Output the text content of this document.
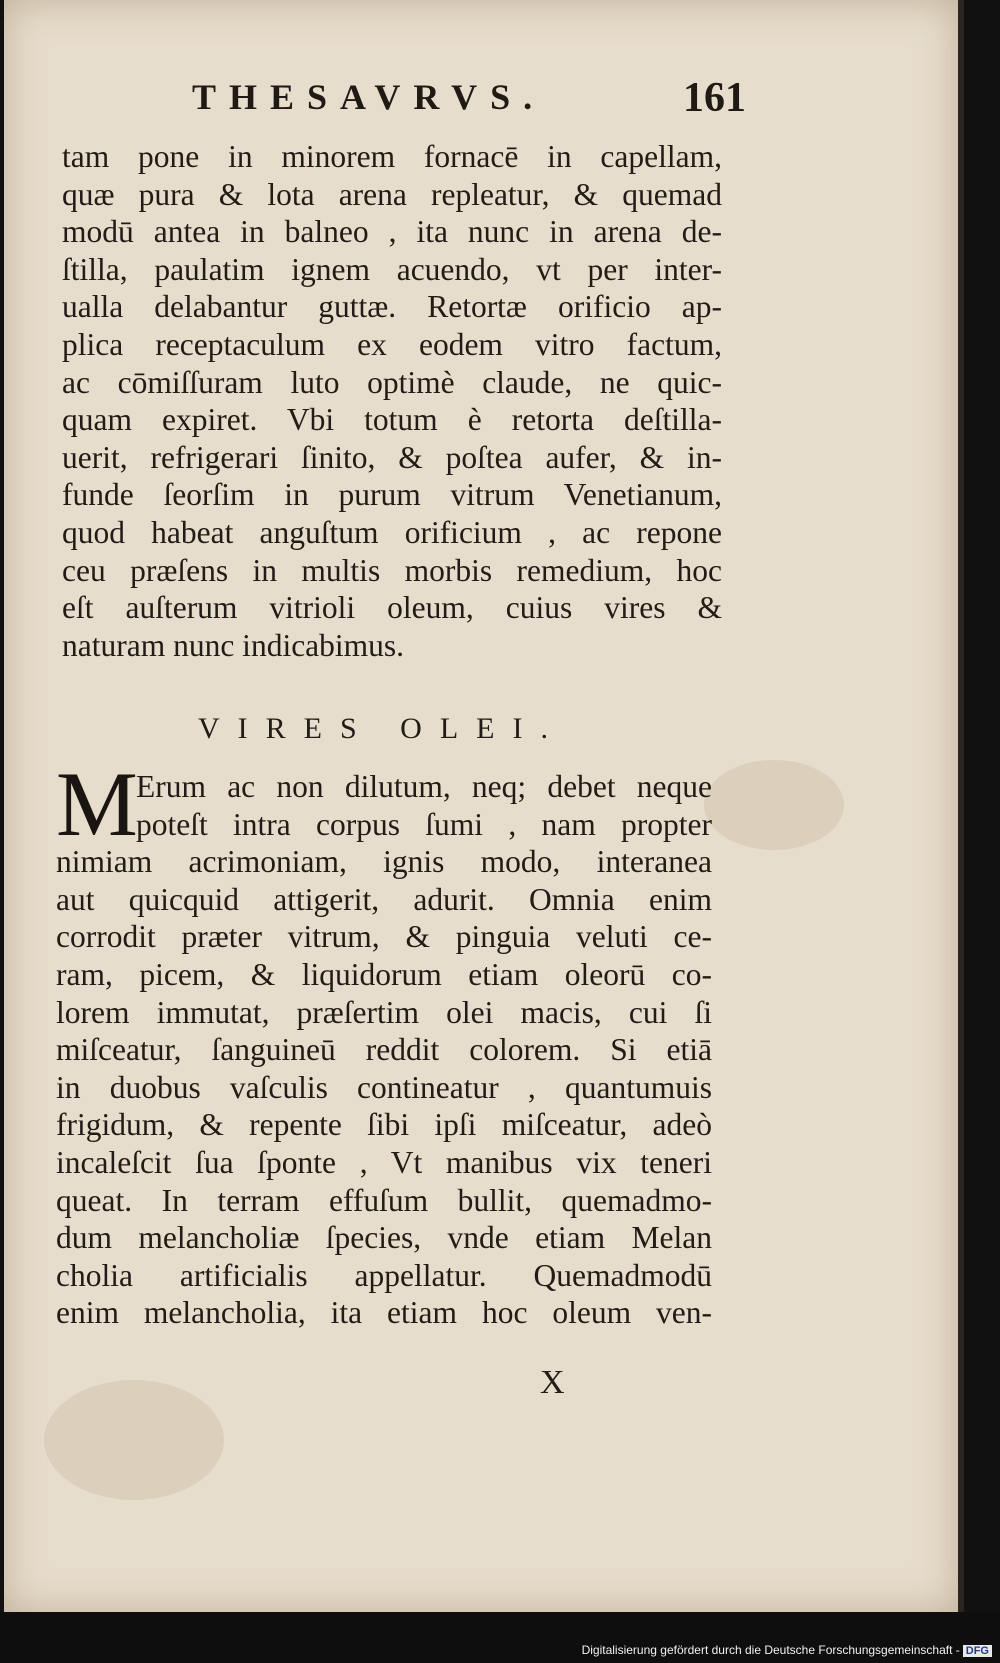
THESAVRVS.	161
tam pone in minorem fornacē in capellam,
quæ pura & lota arena repleatur, & quemad
modū antea in balneo , ita nunc in arena de-
ſtilla, paulatim ignem acuendo, vt per inter-
ualla delabantur guttæ. Retortæ orificio ap-
plica receptaculum ex eodem vitro factum,
ac cōmiſſuram luto optimè claude, ne quic-
quam expiret. Vbi totum è retorta deſtilla-
uerit, refrigerari ſinito, & poſtea aufer, & in-
funde ſeorſim in purum vitrum Venetianum,
quod habeat anguſtum orificium , ac repone
ceu præſens in multis morbis remedium, hoc
eſt auſterum vitrioli oleum, cuius vires &
naturam nunc indicabimus.
VIRES OLEI.
M
Erum ac non dilutum, neq; debet neque
poteſt intra corpus ſumi , nam propter
nimiam acrimoniam, ignis modo, interanea
aut quicquid attigerit, adurit. Omnia enim
corrodit præter vitrum, & pinguia veluti ce-
ram, picem, & liquidorum etiam oleorū co-
lorem immutat, præſertim olei macis, cui ſi
miſceatur, ſanguineū reddit colorem. Si etiā
in duobus vaſculis contineatur , quantumuis
frigidum, & repente ſibi ipſi miſceatur, adeò
incaleſcit ſua ſponte , Vt manibus vix teneri
queat. In terram effuſum bullit, quemadmo-
dum melancholiæ ſpecies, vnde etiam Melan
cholia artificialis appellatur. Quemadmodū
enim melancholia, ita etiam hoc oleum ven-
X
Digitalisierung gefördert durch die Deutsche Forschungsgemeinschaft - DFG
